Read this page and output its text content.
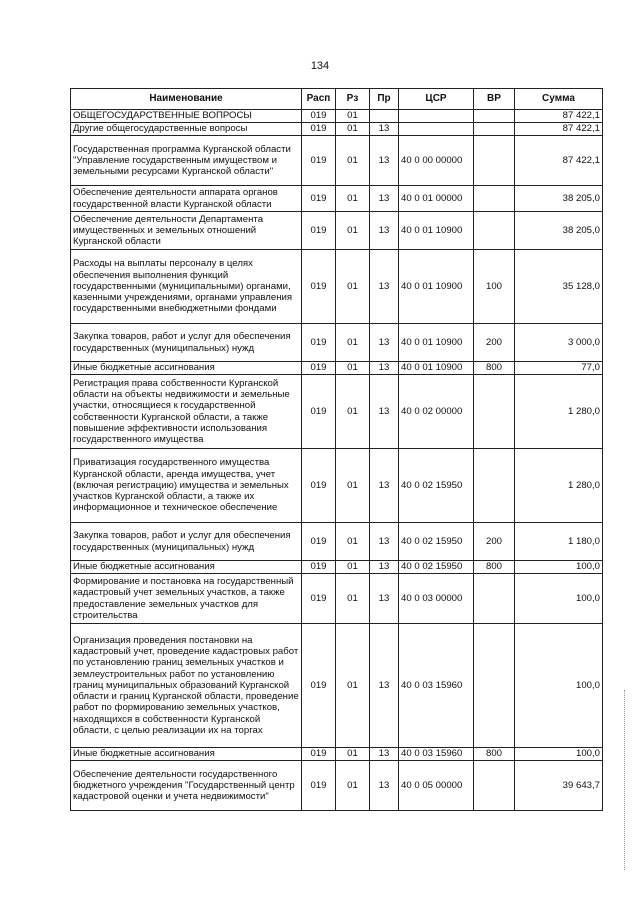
134
Наименование	Расп	Рз	Пр	ЦСР	ВР	Сумма
ОБЩЕГОСУДАРСТВЕННЫЕ ВОПРОСЫ	019	01				87 422,1
Другие общегосударственные вопросы	019	01	13			87 422,1
Государственная программа Курганской области "Управление государственным имуществом и земельными ресурсами Курганской области"	019	01	13	40 0 00 00000		87 422,1
Обеспечение деятельности аппарата органов государственной власти Курганской области	019	01	13	40 0 01 00000		38 205,0
Обеспечение деятельности Департамента имущественных и земельных отношений Курганской области	019	01	13	40 0 01 10900		38 205,0
Расходы на выплаты персоналу в целях обеспечения выполнения функций государственными (муниципальными) органами, казенными учреждениями, органами управления государственными внебюджетными фондами	019	01	13	40 0 01 10900	100	35 128,0
Закупка товаров, работ и услуг для обеспечения государственных (муниципальных) нужд	019	01	13	40 0 01 10900	200	3 000,0
Иные бюджетные ассигнования	019	01	13	40 0 01 10900	800	77,0
Регистрация права собственности Курганской области на объекты недвижимости и земельные участки, относящиеся к государственной собственности Курганской области, а также повышение эффективности использования государственного имущества	019	01	13	40 0 02 00000		1 280,0
Приватизация государственного имущества Курганской области, аренда имущества, учет (включая регистрацию) имущества и земельных участков Курганской области, а также их информационное и техническое обеспечение	019	01	13	40 0 02 15950		1 280,0
Закупка товаров, работ и услуг для обеспечения государственных (муниципальных) нужд	019	01	13	40 0 02 15950	200	1 180,0
Иные бюджетные ассигнования	019	01	13	40 0 02 15950	800	100,0
Формирование и постановка на государственный кадастровый учет земельных участков, а также предоставление земельных участков для строительства	019	01	13	40 0 03 00000		100,0
Организация проведения постановки на кадастровый учет, проведение кадастровых работ по установлению границ земельных участков и землеустроительных работ по установлению границ муниципальных образований Курганской области и границ Курганской области, проведение работ по формированию земельных участков, находящихся в собственности Курганской области, с целью реализации их на торгах	019	01	13	40 0 03 15960		100,0
Иные бюджетные ассигнования	019	01	13	40 0 03 15960	800	100,0
Обеспечение деятельности государственного бюджетного учреждения "Государственный центр кадастровой оценки и учета недвижимости"	019	01	13	40 0 05 00000		39 643,7
